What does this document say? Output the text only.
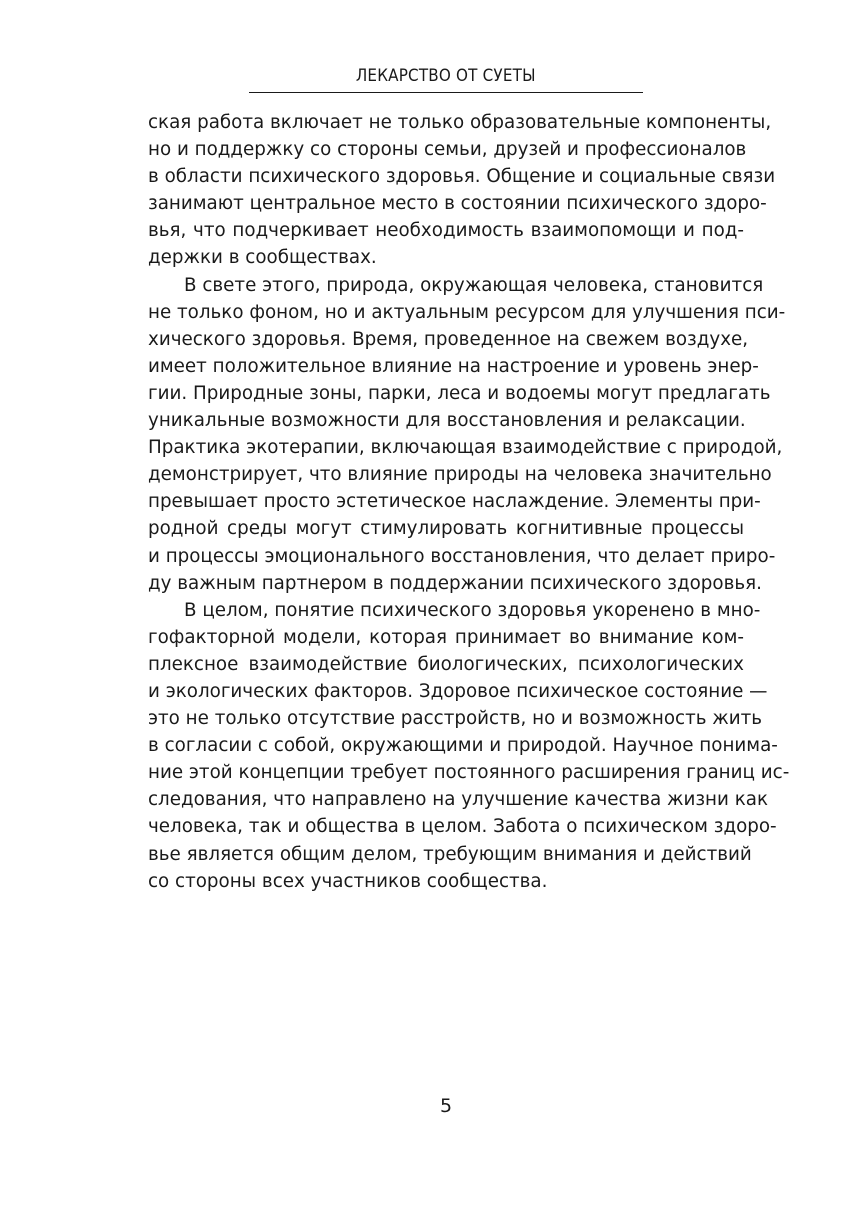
ЛЕКАРСТВО ОТ СУЕТЫ
ская работа включает не только образовательные компоненты,
но и поддержку со стороны семьи, друзей и профессионалов
в области психического здоровья. Общение и социальные связи
занимают центральное место в состоянии психического здоро-
вья, что подчеркивает необходимость взаимопомощи и под-
держки в сообществах.
В свете этого, природа, окружающая человека, становится
не только фоном, но и актуальным ресурсом для улучшения пси-
хического здоровья. Время, проведенное на свежем воздухе,
имеет положительное влияние на настроение и уровень энер-
гии. Природные зоны, парки, леса и водоемы могут предлагать
уникальные возможности для восстановления и релаксации.
Практика экотерапии, включающая взаимодействие с природой,
демонстрирует, что влияние природы на человека значительно
превышает просто эстетическое наслаждение. Элементы при-
родной среды могут стимулировать когнитивные процессы
и процессы эмоционального восстановления, что делает приро-
ду важным партнером в поддержании психического здоровья.
В целом, понятие психического здоровья укоренено в мно-
гофакторной модели, которая принимает во внимание ком-
плексное взаимодействие биологических, психологических
и экологических факторов. Здоровое психическое состояние —
это не только отсутствие расстройств, но и возможность жить
в согласии с собой, окружающими и природой. Научное понима-
ние этой концепции требует постоянного расширения границ ис-
следования, что направлено на улучшение качества жизни как
человека, так и общества в целом. Забота о психическом здоро-
вье является общим делом, требующим внимания и действий
со стороны всех участников сообщества.
5
